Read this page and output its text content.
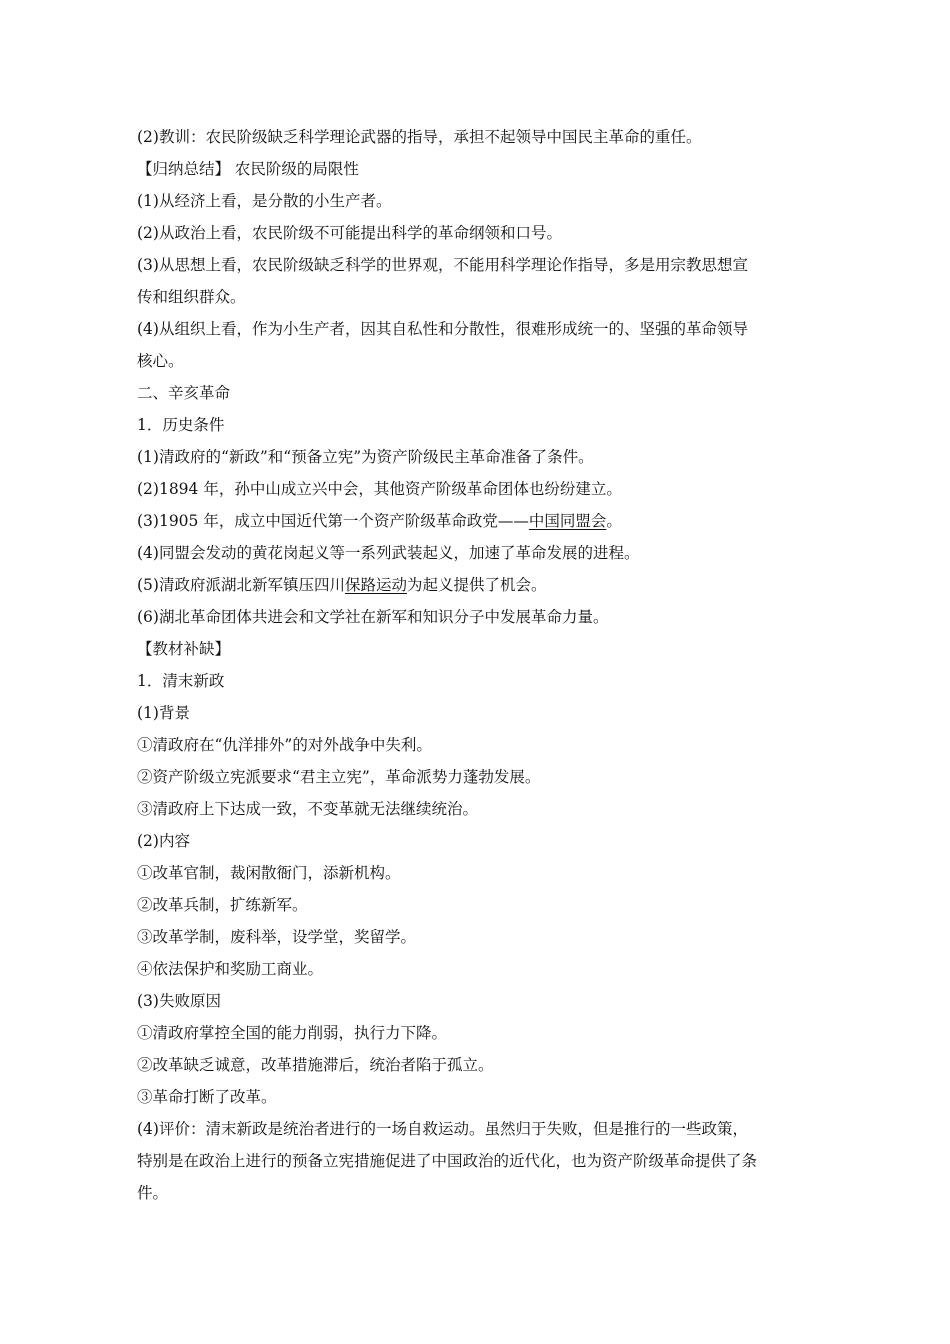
(2)教训：农民阶级缺乏科学理论武器的指导，承担不起领导中国民主革命的重任。
【归纳总结】 农民阶级的局限性
(1)从经济上看，是分散的小生产者。
(2)从政治上看，农民阶级不可能提出科学的革命纲领和口号。
(3)从思想上看，农民阶级缺乏科学的世界观，不能用科学理论作指导，多是用宗教思想宣
传和组织群众。
(4)从组织上看，作为小生产者，因其自私性和分散性，很难形成统一的、坚强的革命领导
核心。
二、辛亥革命
1．历史条件
(1)清政府的“新政”和“预备立宪”为资产阶级民主革命准备了条件。
(2)1894 年，孙中山成立兴中会，其他资产阶级革命团体也纷纷建立。
(3)1905 年，成立中国近代第一个资产阶级革命政党——中国同盟会。
(4)同盟会发动的黄花岗起义等一系列武装起义，加速了革命发展的进程。
(5)清政府派湖北新军镇压四川保路运动为起义提供了机会。
(6)湖北革命团体共进会和文学社在新军和知识分子中发展革命力量。
【教材补缺】
1．清末新政
(1)背景
①清政府在“仇洋排外”的对外战争中失利。
②资产阶级立宪派要求“君主立宪”，革命派势力蓬勃发展。
③清政府上下达成一致，不变革就无法继续统治。
(2)内容
①改革官制，裁闲散衙门，添新机构。
②改革兵制，扩练新军。
③改革学制，废科举，设学堂，奖留学。
④依法保护和奖励工商业。
(3)失败原因
①清政府掌控全国的能力削弱，执行力下降。
②改革缺乏诚意，改革措施滞后，统治者陷于孤立。
③革命打断了改革。
(4)评价：清末新政是统治者进行的一场自救运动。虽然归于失败，但是推行的一些政策，
特别是在政治上进行的预备立宪措施促进了中国政治的近代化，也为资产阶级革命提供了条
件。
